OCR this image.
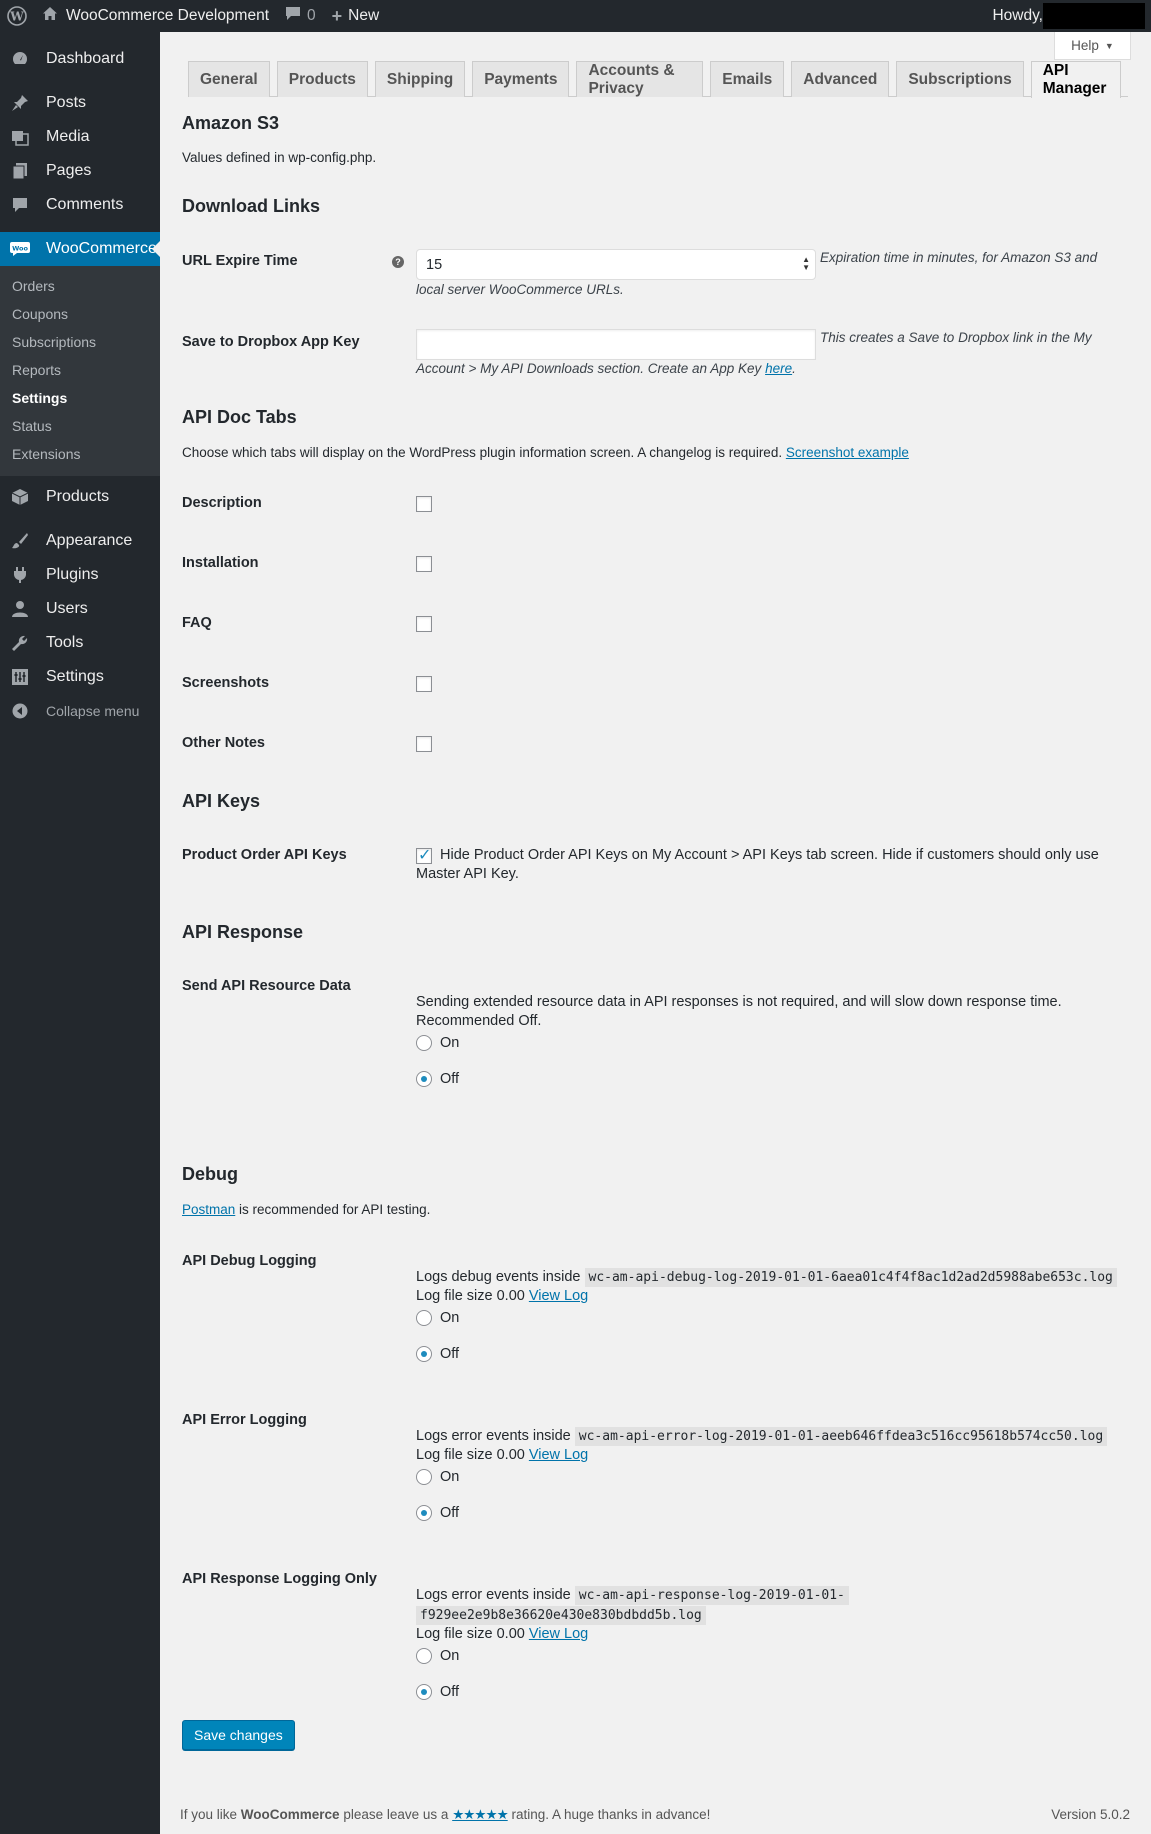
W	WooCommerce Development 0 + New	Howdy,
Dashboard
Posts
Media
Pages
Comments
Woo WooCommerce
Orders
Coupons
Subscriptions
Reports
Settings
Status
Extensions
Products
Appearance
Plugins
Users
Tools
Settings
Collapse menu
Help ▼
General	Products	Shipping	Payments
Accounts & Privacy
Emails	Advanced	Subscriptions	API Manager
Amazon S3
Values defined in wp-config.php.
Download Links
URL Expire Time	? 15	▲
▼
Expiration time in minutes, for Amazon S3 and
local server WooCommerce URLs.
Save to Dropbox App Key	This creates a Save to Dropbox link in the My
Account > My API Downloads section. Create an App Key here.
API Doc Tabs
Choose which tabs will display on the WordPress plugin information screen. A changelog is required. Screenshot example
Description
Installation
FAQ
Screenshots
Other Notes
API Keys
Product Order API Keys
✓	Hide Product Order API Keys on My Account > API Keys tab screen. Hide if customers should only use
Master API Key.
API Response
Send API Resource Data
Sending extended resource data in API responses is not required, and will slow down response time.
Recommended Off.
On
Off
Debug
Postman is recommended for API testing.
API Debug Logging
Logs debug events inside wc-am-api-debug-log-2019-01-01-6aea01c4f4f8ac1d2ad2d5988abe653c.log
Log file size 0.00 View Log
On
Off
API Error Logging
Logs error events inside wc-am-api-error-log-2019-01-01-aeeb646ffdea3c516cc95618b574cc50.log
Log file size 0.00 View Log
On
Off
API Response Logging Only
Logs error events inside wc-am-api-response-log-2019-01-01-
f929ee2e9b8e36620e430e830bdbdd5b.log
Log file size 0.00 View Log
On
Off
Save changes
If you like WooCommerce please leave us a ★★★★★ rating. A huge thanks in advance!	Version 5.0.2
